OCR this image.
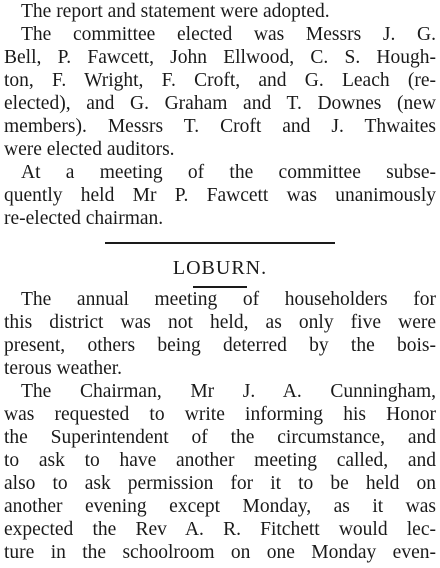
The report and statement were adopted.
The committee elected was Messrs J. G.
Bell, P. Fawcett, John Ellwood, C. S. Hough-
ton, F. Wright, F. Croft, and G. Leach (re-
elected), and G. Graham and T. Downes (new
members). Messrs T. Croft and J. Thwaites
were elected auditors.
At a meeting of the committee subse-
quently held Mr P. Fawcett was unanimously
re-elected chairman.
LOBURN.
The annual meeting of householders for
this district was not held, as only five were
present, others being deterred by the bois-
terous weather.
The Chairman, Mr J. A. Cunningham,
was requested to write informing his Honor
the Superintendent of the circumstance, and
to ask to have another meeting called, and
also to ask permission for it to be held on
another evening except Monday, as it was
expected the Rev A. R. Fitchett would lec-
ture in the schoolroom on one Monday even-
